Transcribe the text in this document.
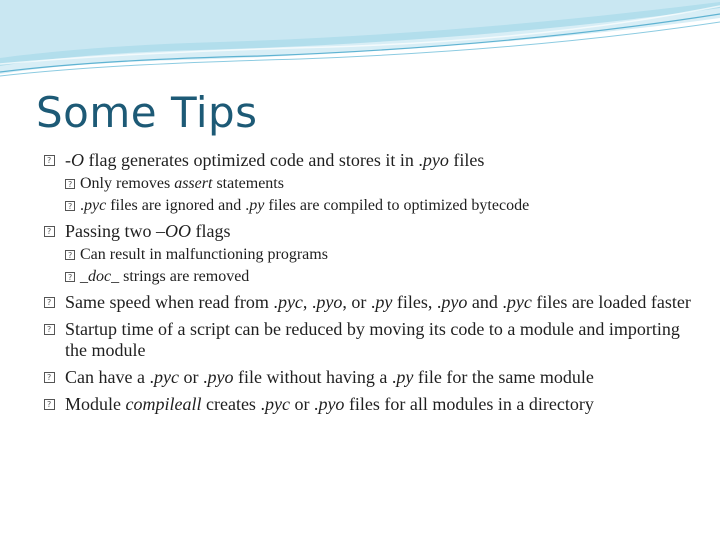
Some Tips
-O flag generates optimized code and stores it in .pyo files
Only removes assert statements
.pyc files are ignored and .py files are compiled to optimized bytecode
Passing two –OO flags
Can result in malfunctioning programs
_doc_ strings are removed
Same speed when read from .pyc, .pyo, or .py files, .pyo and .pyc files are loaded faster
Startup time of a script can be reduced by moving its code to a module and importing the module
Can have a .pyc or .pyo file without having a .py file for the same module
Module compileall creates .pyc or .pyo files for all modules in a directory
